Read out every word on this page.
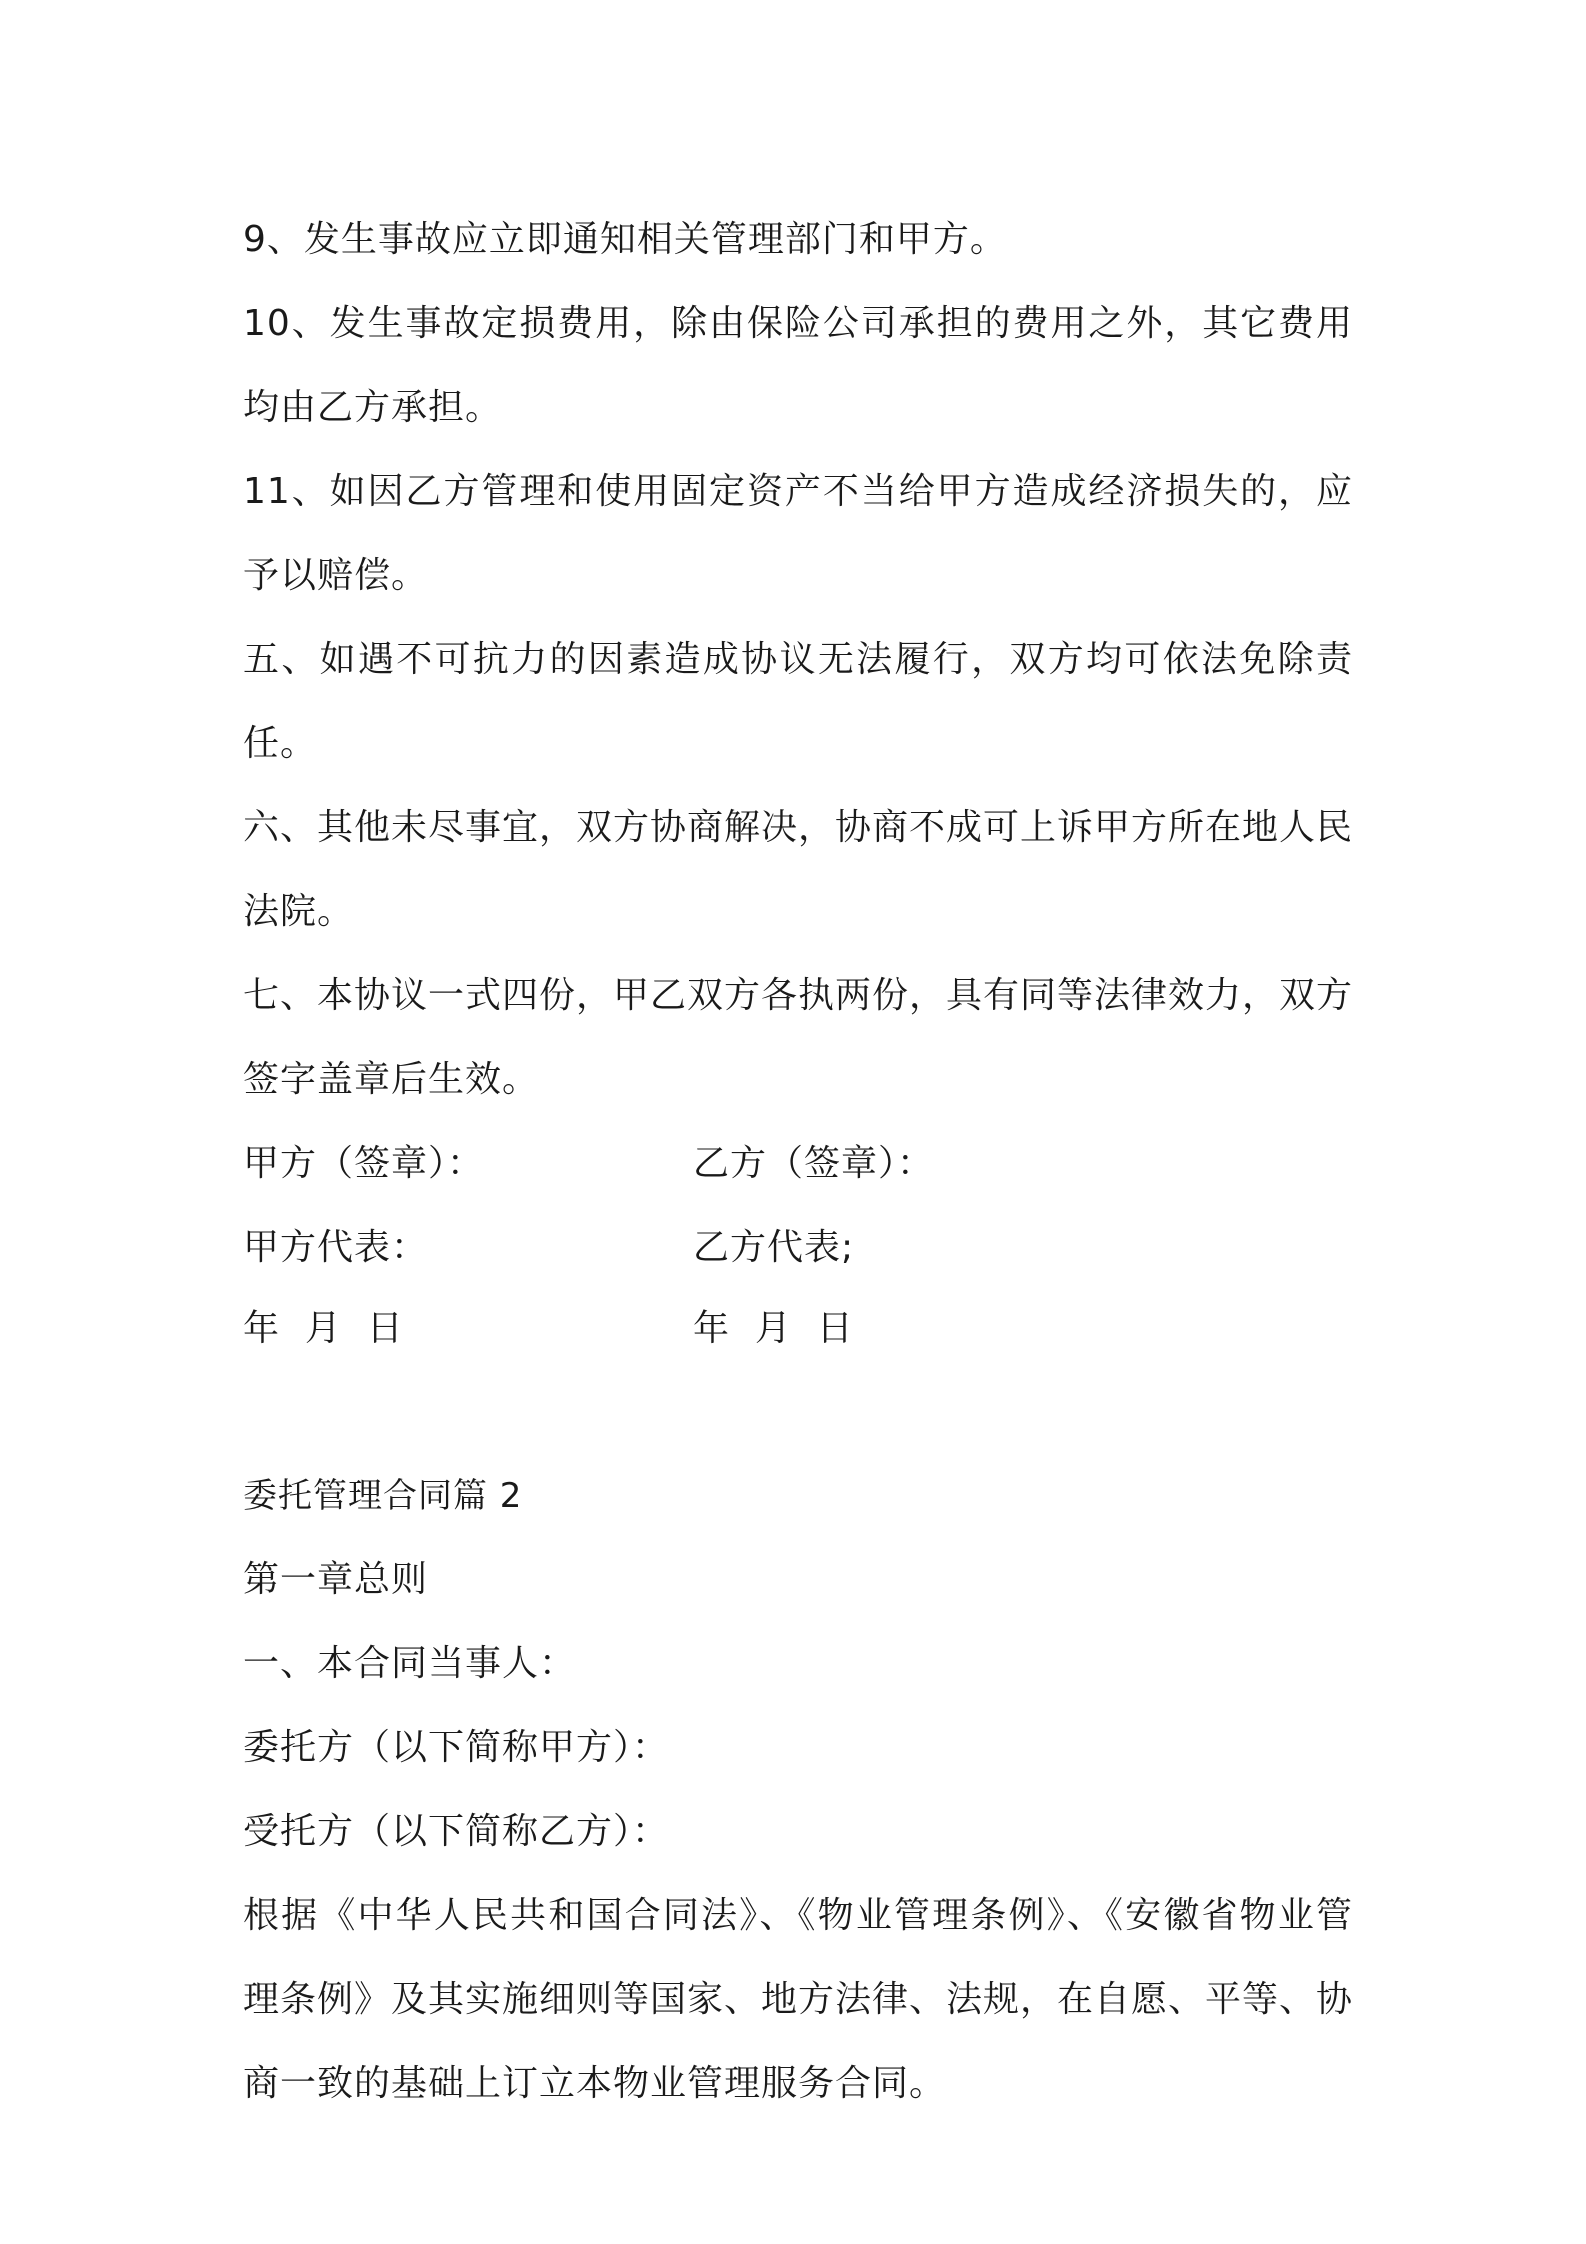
9、发生事故应立即通知相关管理部门和甲方。

10、发生事故定损费用，除由保险公司承担的费用之外，其它费用均由乙方承担。

11、如因乙方管理和使用固定资产不当给甲方造成经济损失的，应予以赔偿。

五、如遇不可抗力的因素造成协议无法履行，双方均可依法免除责任。

六、其他未尽事宜，双方协商解决，协商不成可上诉甲方所在地人民法院。

七、本协议一式四份，甲乙双方各执两份，具有同等法律效力，双方签字盖章后生效。

甲方（签章）：	乙方（签章）：
甲方代表：	乙方代表;
年  月  日	年  月  日

委托管理合同篇 2

第一章总则

一、本合同当事人：

委托方（以下简称甲方）：

受托方（以下简称乙方）：

根据《中华人民共和国合同法》、《物业管理条例》、《安徽省物业管理条例》及其实施细则等国家、地方法律、法规，在自愿、平等、协商一致的基础上订立本物业管理服务合同。
